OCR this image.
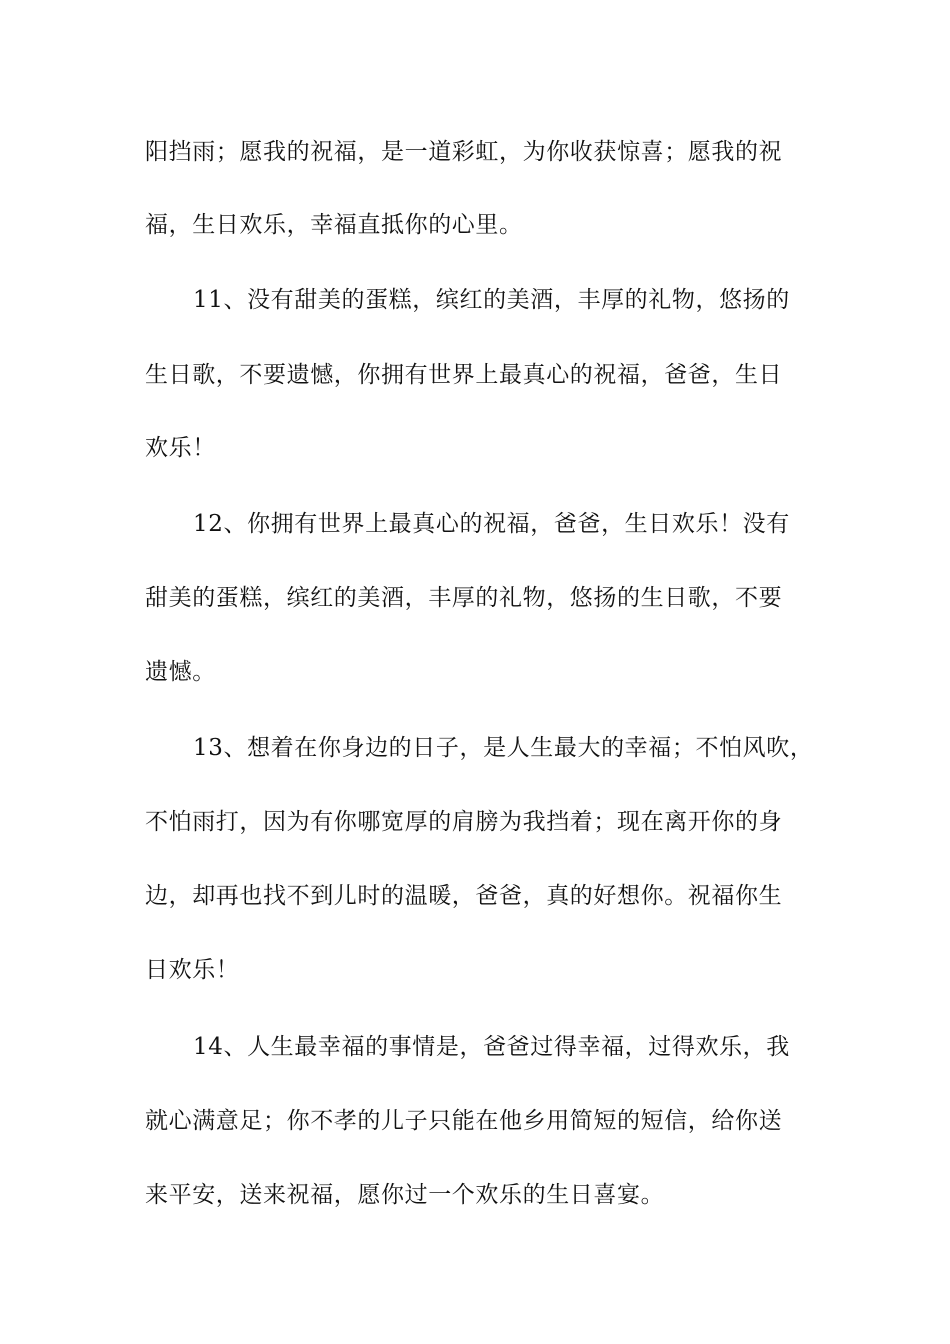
阳挡雨；愿我的祝福，是一道彩虹，为你收获惊喜；愿我的祝
福，生日欢乐，幸福直抵你的心里。
11、没有甜美的蛋糕，缤红的美酒，丰厚的礼物，悠扬的
生日歌，不要遗憾，你拥有世界上最真心的祝福，爸爸，生日
欢乐！
12、你拥有世界上最真心的祝福，爸爸，生日欢乐！没有
甜美的蛋糕，缤红的美酒，丰厚的礼物，悠扬的生日歌，不要
遗憾。
13、想着在你身边的日子，是人生最大的幸福；不怕风吹，
不怕雨打，因为有你哪宽厚的肩膀为我挡着；现在离开你的身
边，却再也找不到儿时的温暖，爸爸，真的好想你。祝福你生
日欢乐！
14、人生最幸福的事情是，爸爸过得幸福，过得欢乐，我
就心满意足；你不孝的儿子只能在他乡用简短的短信，给你送
来平安，送来祝福，愿你过一个欢乐的生日喜宴。
